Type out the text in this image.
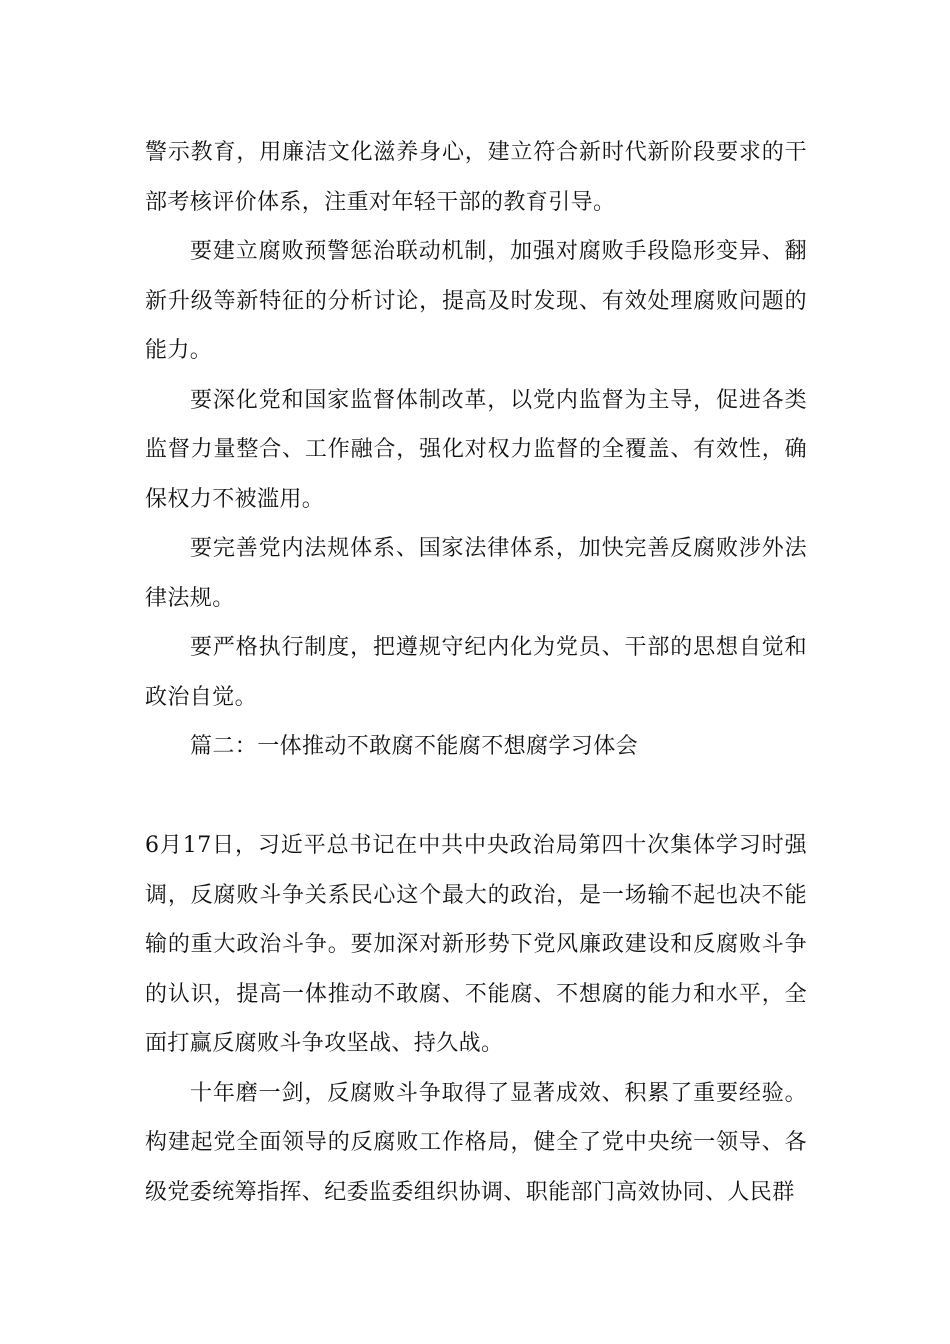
警示教育，用廉洁文化滋养身心，建立符合新时代新阶段要求的干部考核评价体系，注重对年轻干部的教育引导。

要建立腐败预警惩治联动机制，加强对腐败手段隐形变异、翻新升级等新特征的分析讨论，提高及时发现、有效处理腐败问题的能力。

要深化党和国家监督体制改革，以党内监督为主导，促进各类监督力量整合、工作融合，强化对权力监督的全覆盖、有效性，确保权力不被滥用。

要完善党内法规体系、国家法律体系，加快完善反腐败涉外法律法规。

要严格执行制度，把遵规守纪内化为党员、干部的思想自觉和政治自觉。

篇二：一体推动不敢腐不能腐不想腐学习体会

6月17日，习近平总书记在中共中央政治局第四十次集体学习时强调，反腐败斗争关系民心这个最大的政治，是一场输不起也决不能输的重大政治斗争。要加深对新形势下党风廉政建设和反腐败斗争的认识，提高一体推动不敢腐、不能腐、不想腐的能力和水平，全面打赢反腐败斗争攻坚战、持久战。

十年磨一剑，反腐败斗争取得了显著成效、积累了重要经验。构建起党全面领导的反腐败工作格局，健全了党中央统一领导、各级党委统筹指挥、纪委监委组织协调、职能部门高效协同、人民群
